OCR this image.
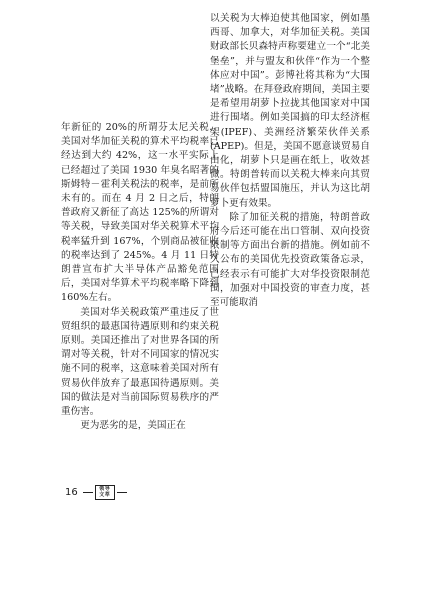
年新征的 20%的所谓芬太尼关税，美国对华加征关税的算术平均税率已经达到大约 42%，这一水平实际上已经超过了美国 1930 年臭名昭著的斯姆特－霍利关税法的税率，是前所未有的。而在 4 月 2 日之后，特朗普政府又新征了高达 125%的所谓对等关税，导致美国对华关税算术平均税率猛升到 167%，个别商品被征收的税率达到了 245%。4 月 11 日特朗普宣布扩大半导体产品豁免范围后，美国对华算术平均税率略下降到 160%左右。

美国对华关税政策严重违反了世贸组织的最惠国待遇原则和约束关税原则。美国还推出了对世界各国的所谓对等关税，针对不同国家的情况实施不同的税率，这意味着美国对所有贸易伙伴放弃了最惠国待遇原则。美国的做法是对当前国际贸易秩序的严重伤害。

更为恶劣的是，美国正在

以关税为大棒迫使其他国家，例如墨西哥、加拿大，对华加征关税。美国财政部长贝森特声称要建立一个“北美堡垒”，并与盟友和伙伴“作为一个整体应对中国”。彭博社将其称为“大围堵”战略。在拜登政府期间，美国主要是希望用胡萝卜拉拢其他国家对中国进行围堵。例如美国搞的印太经济框架(IPEF)、美洲经济繁荣伙伴关系(APEP)。但是，美国不愿意谈贸易自由化，胡萝卜只是画在纸上，收效甚微。特朗普转而以关税大棒来向其贸易伙伴包括盟国施压，并认为这比胡萝卜更有效果。

除了加征关税的措施，特朗普政府今后还可能在出口管制、双向投资限制等方面出台新的措施。例如前不久公布的美国优先投资政策备忘录，已经表示有可能扩大对华投资限制范围，加强对中国投资的审查力度，甚至可能取消

16	领导
文萃
